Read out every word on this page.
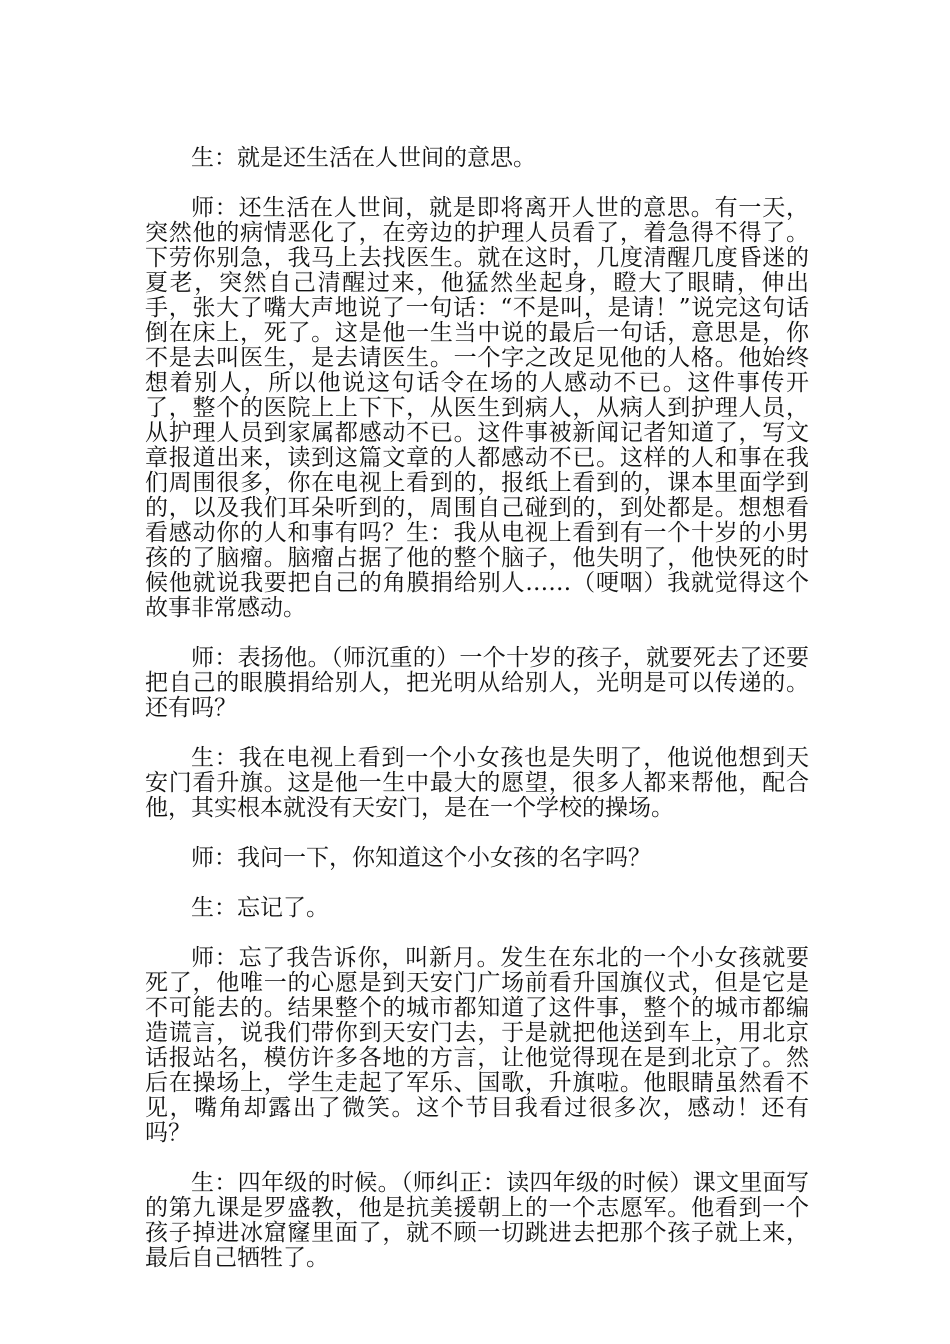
生：就是还生活在人世间的意思。

师：还生活在人世间，就是即将离开人世的意思。有一天，突然他的病情恶化了，在旁边的护理人员看了，着急得不得了。下劳你别急，我马上去找医生。就在这时，几度清醒几度昏迷的夏老，突然自己清醒过来，他猛然坐起身，瞪大了眼睛，伸出手，张大了嘴大声地说了一句话：“不是叫，是请！”说完这句话倒在床上，死了。这是他一生当中说的最后一句话，意思是，你不是去叫医生，是去请医生。一个字之改足见他的人格。他始终想着别人，所以他说这句话令在场的人感动不已。这件事传开了，整个的医院上上下下，从医生到病人，从病人到护理人员，从护理人员到家属都感动不已。这件事被新闻记者知道了，写文章报道出来，读到这篇文章的人都感动不已。这样的人和事在我们周围很多，你在电视上看到的，报纸上看到的，课本里面学到的，以及我们耳朵听到的，周围自己碰到的，到处都是。想想看看感动你的人和事有吗？生：我从电视上看到有一个十岁的小男孩的了脑瘤。脑瘤占据了他的整个脑子，他失明了，他快死的时候他就说我要把自己的角膜捐给别人……（哽咽）我就觉得这个故事非常感动。

师：表扬他。（师沉重的）一个十岁的孩子，就要死去了还要把自己的眼膜捐给别人，把光明从给别人，光明是可以传递的。还有吗？

生：我在电视上看到一个小女孩也是失明了，他说他想到天安门看升旗。这是他一生中最大的愿望，很多人都来帮他，配合他，其实根本就没有天安门，是在一个学校的操场。

师：我问一下，你知道这个小女孩的名字吗？

生：忘记了。

师：忘了我告诉你，叫新月。发生在东北的一个小女孩就要死了，他唯一的心愿是到天安门广场前看升国旗仪式，但是它是不可能去的。结果整个的城市都知道了这件事，整个的城市都编造谎言，说我们带你到天安门去，于是就把他送到车上，用北京话报站名，模仿许多各地的方言，让他觉得现在是到北京了。然后在操场上，学生走起了军乐、国歌，升旗啦。他眼睛虽然看不见，嘴角却露出了微笑。这个节目我看过很多次，感动！还有吗？

生：四年级的时候。（师纠正：读四年级的时候）课文里面写的第九课是罗盛教，他是抗美援朝上的一个志愿军。他看到一个孩子掉进冰窟窿里面了，就不顾一切跳进去把那个孩子就上来，最后自己牺牲了。
